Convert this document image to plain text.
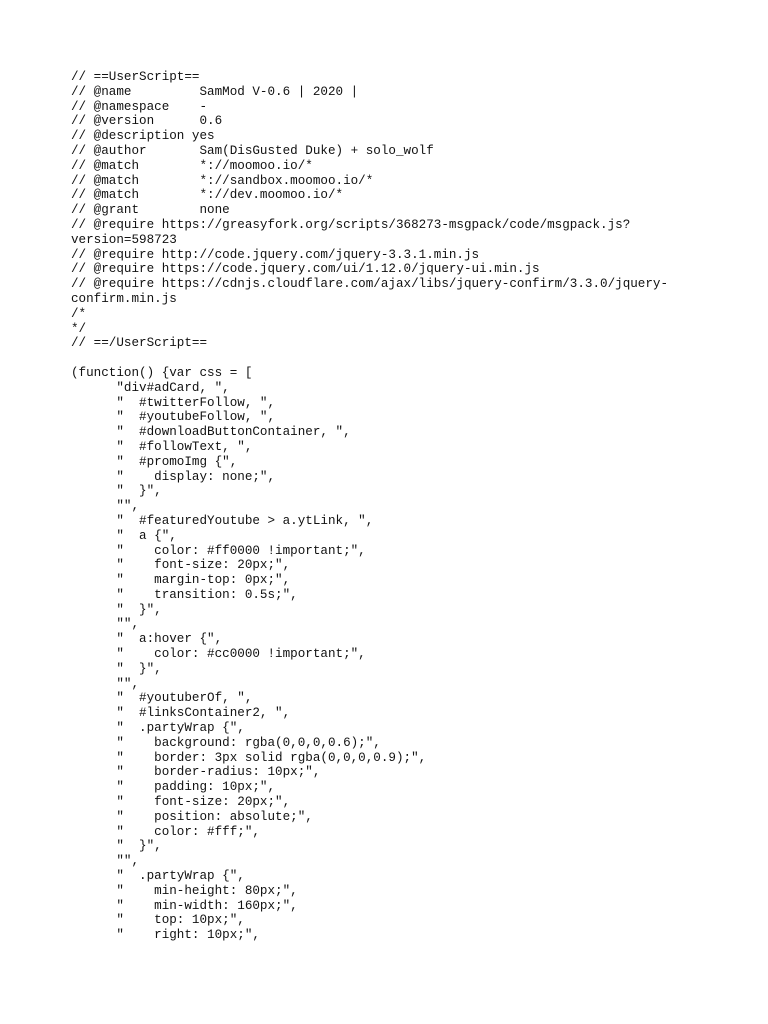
// ==UserScript==
// @name         SamMod V-0.6 | 2020 |
// @namespace    -
// @version      0.6
// @description yes
// @author       Sam(DisGusted Duke) + solo_wolf
// @match        *://moomoo.io/*
// @match        *://sandbox.moomoo.io/*
// @match        *://dev.moomoo.io/*
// @grant        none
// @require https://greasyfork.org/scripts/368273-msgpack/code/msgpack.js?
version=598723
// @require http://code.jquery.com/jquery-3.3.1.min.js
// @require https://code.jquery.com/ui/1.12.0/jquery-ui.min.js
// @require https://cdnjs.cloudflare.com/ajax/libs/jquery-confirm/3.3.0/jquery-
confirm.min.js
/*
*/
// ==/UserScript==
(function() {var css = [
"div#adCard, ",
"  #twitterFollow, ",
"  #youtubeFollow, ",
"  #downloadButtonContainer, ",
"  #followText, ",
"  #promoImg {",
"    display: none;",
"  }",
"",
"  #featuredYoutube > a.ytLink, ",
"  a {",
"    color: #ff0000 !important;",
"    font-size: 20px;",
"    margin-top: 0px;",
"    transition: 0.5s;",
"  }",
"",
"  a:hover {",
"    color: #cc0000 !important;",
"  }",
"",
"  #youtuberOf, ",
"  #linksContainer2, ",
"  .partyWrap {",
"    background: rgba(0,0,0,0.6);",
"    border: 3px solid rgba(0,0,0,0.9);",
"    border-radius: 10px;",
"    padding: 10px;",
"    font-size: 20px;",
"    position: absolute;",
"    color: #fff;",
"  }",
"",
"  .partyWrap {",
"    min-height: 80px;",
"    min-width: 160px;",
"    top: 10px;",
"    right: 10px;",
